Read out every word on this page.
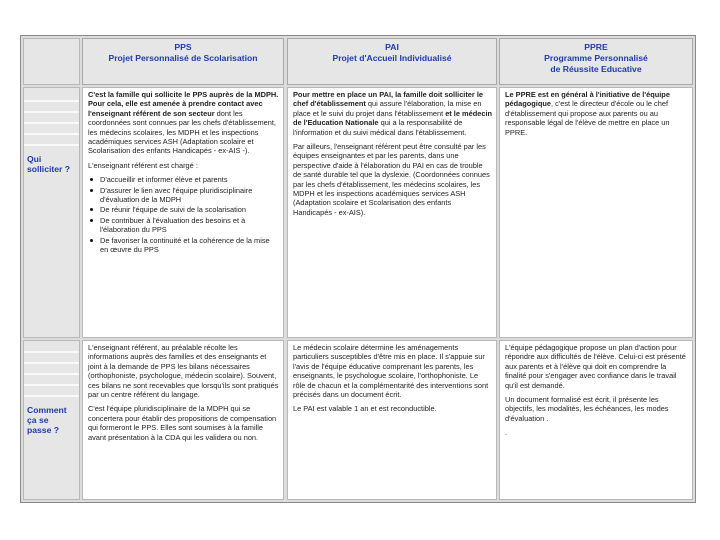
PPS
Projet Personnalisé de Scolarisation
PAI
Projet d'Accueil Individualisé
PPRE
Programme Personnalisé
de Réussite Educative
Qui
solliciter ?

C'est la famille qui sollicite le PPS auprès de la MDPH. Pour cela, elle est amenée à prendre contact avec l'enseignant référent de son secteur dont les coordonnées sont connues par les chefs d'établissement, les médecins scolaires, les MDPH et les inspections académiques services ASH (Adaptation scolaire et Scolarisation des enfants Handicapés - ex-AIS -).

L'enseignant référent est chargé :

D'accueillir et informer élève et parents
D'assurer le lien avec l'équipe pluridisciplinaire d'évaluation de la MDPH
De réunir l'équipe de suivi de la scolarisation
De contribuer à l'évaluation des besoins et à l'élaboration du PPS
De favoriser la continuité et la cohérence de la mise en œuvre du PPS

Pour mettre en place un PAI, la famille doit solliciter le chef d'établissement qui assure l'élaboration, la mise en place et le suivi du projet dans l'établissement et le médecin de l'Education Nationale qui a la responsabilité de l'information et du suivi médical dans l'établissement.

Par ailleurs, l'enseignant référent peut être consulté par les équipes enseignantes et par les parents, dans une perspective d'aide à l'élaboration du PAI en cas de trouble de santé durable tel que la dyslexie. (Coordonnées connues par les chefs d'établissement, les médecins scolaires, les MDPH et les inspections académiques services ASH (Adaptation scolaire et Scolarisation des enfants Handicapés - ex-AIS).

Le PPRE est en général à l'initiative de l'équipe pédagogique, c'est le directeur d'école ou le chef d'établissement qui propose aux parents ou au responsable légal de l'élève de mettre en place un PPRE.

Comment
ça se
passe ?

L'enseignant référent, au préalable récolte les informations auprès des familles et des enseignants et joint à la demande de PPS les bilans nécessaires (orthophoniste, psychologue, médecin scolaire). Souvent, ces bilans ne sont recevables que lorsqu'ils sont pratiqués par un centre référent du langage.

C'est l'équipe pluridisciplinaire de la MDPH qui se concertera pour établir des propositions de compensation qui formeront le PPS. Elles sont soumises à la famille avant présentation à la CDA qui les validera ou non.

Le médecin scolaire détermine les aménagements particuliers susceptibles d'être mis en place. Il s'appuie sur l'avis de l'équipe éducative comprenant les parents, les enseignants, le psychologue scolaire, l'orthophoniste. Le rôle de chacun et la complémentarité des interventions sont précisés dans un document écrit.

Le PAI est valable 1 an et est reconductible.

L'équipe pédagogique propose un plan d'action pour répondre aux difficultés de l'élève. Celui-ci est présenté aux parents et à l'élève qui doit en comprendre la finalité pour s'engager avec confiance dans le travail qu'il est demandé.

Un document formalisé est écrit, il présente les objectifs, les modalités, les échéances, les modes d'évaluation .

.
